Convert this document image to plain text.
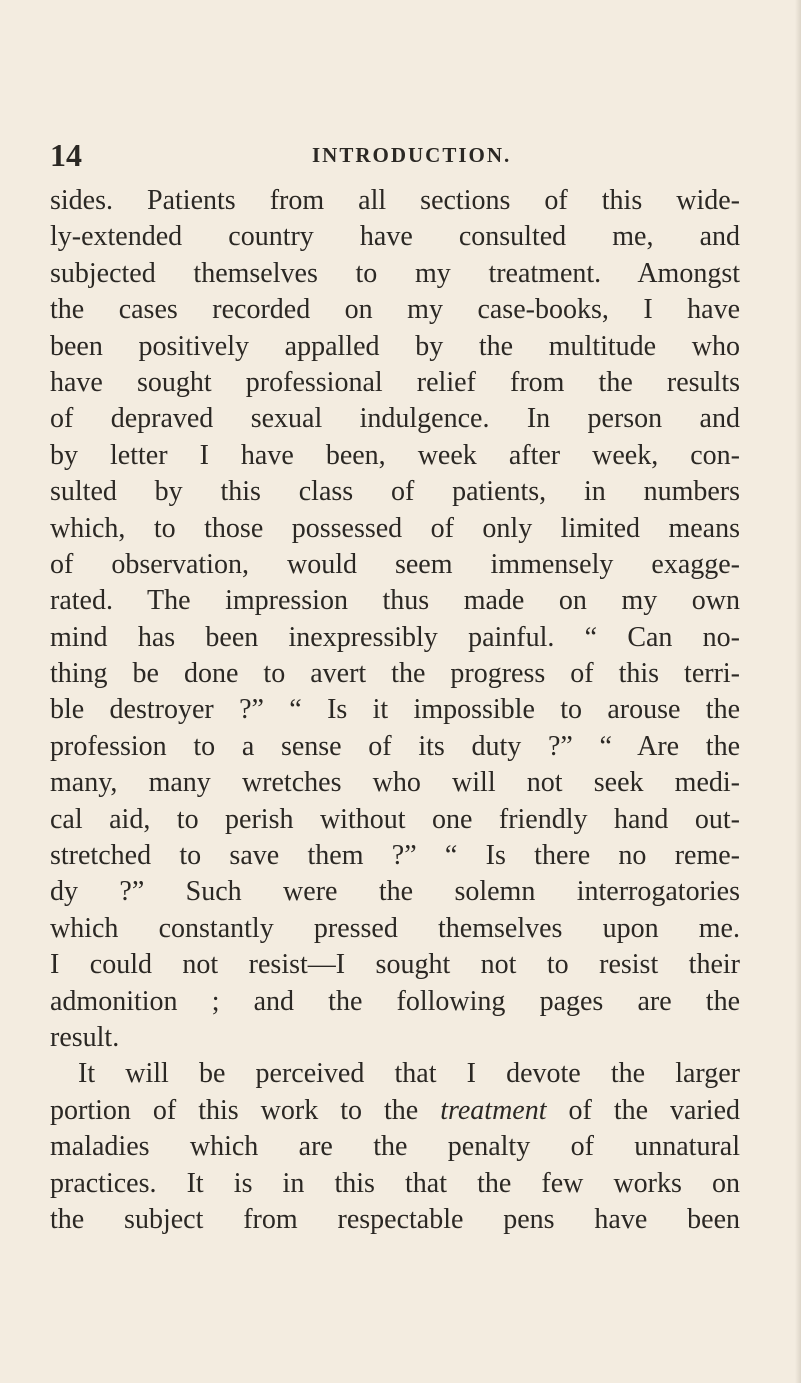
14	INTRODUCTION.
sides. Patients from all sections of this wide-
ly-extended country have consulted me, and
subjected themselves to my treatment. Amongst
the cases recorded on my case-books, I have
been positively appalled by the multitude who
have sought professional relief from the results
of depraved sexual indulgence. In person and
by letter I have been, week after week, con-
sulted by this class of patients, in numbers
which, to those possessed of only limited means
of observation, would seem immensely exagge-
rated. The impression thus made on my own
mind has been inexpressibly painful. “ Can no-
thing be done to avert the progress of this terri-
ble destroyer ?” “ Is it impossible to arouse the
profession to a sense of its duty ?” “ Are the
many, many wretches who will not seek medi-
cal aid, to perish without one friendly hand out-
stretched to save them ?” “ Is there no reme-
dy ?” Such were the solemn interrogatories
which constantly pressed themselves upon me.
I could not resist—I sought not to resist their
admonition ; and the following pages are the
result.
It will be perceived that I devote the larger
portion of this work to the treatment of the varied
maladies which are the penalty of unnatural
practices. It is in this that the few works on
the subject from respectable pens have been
